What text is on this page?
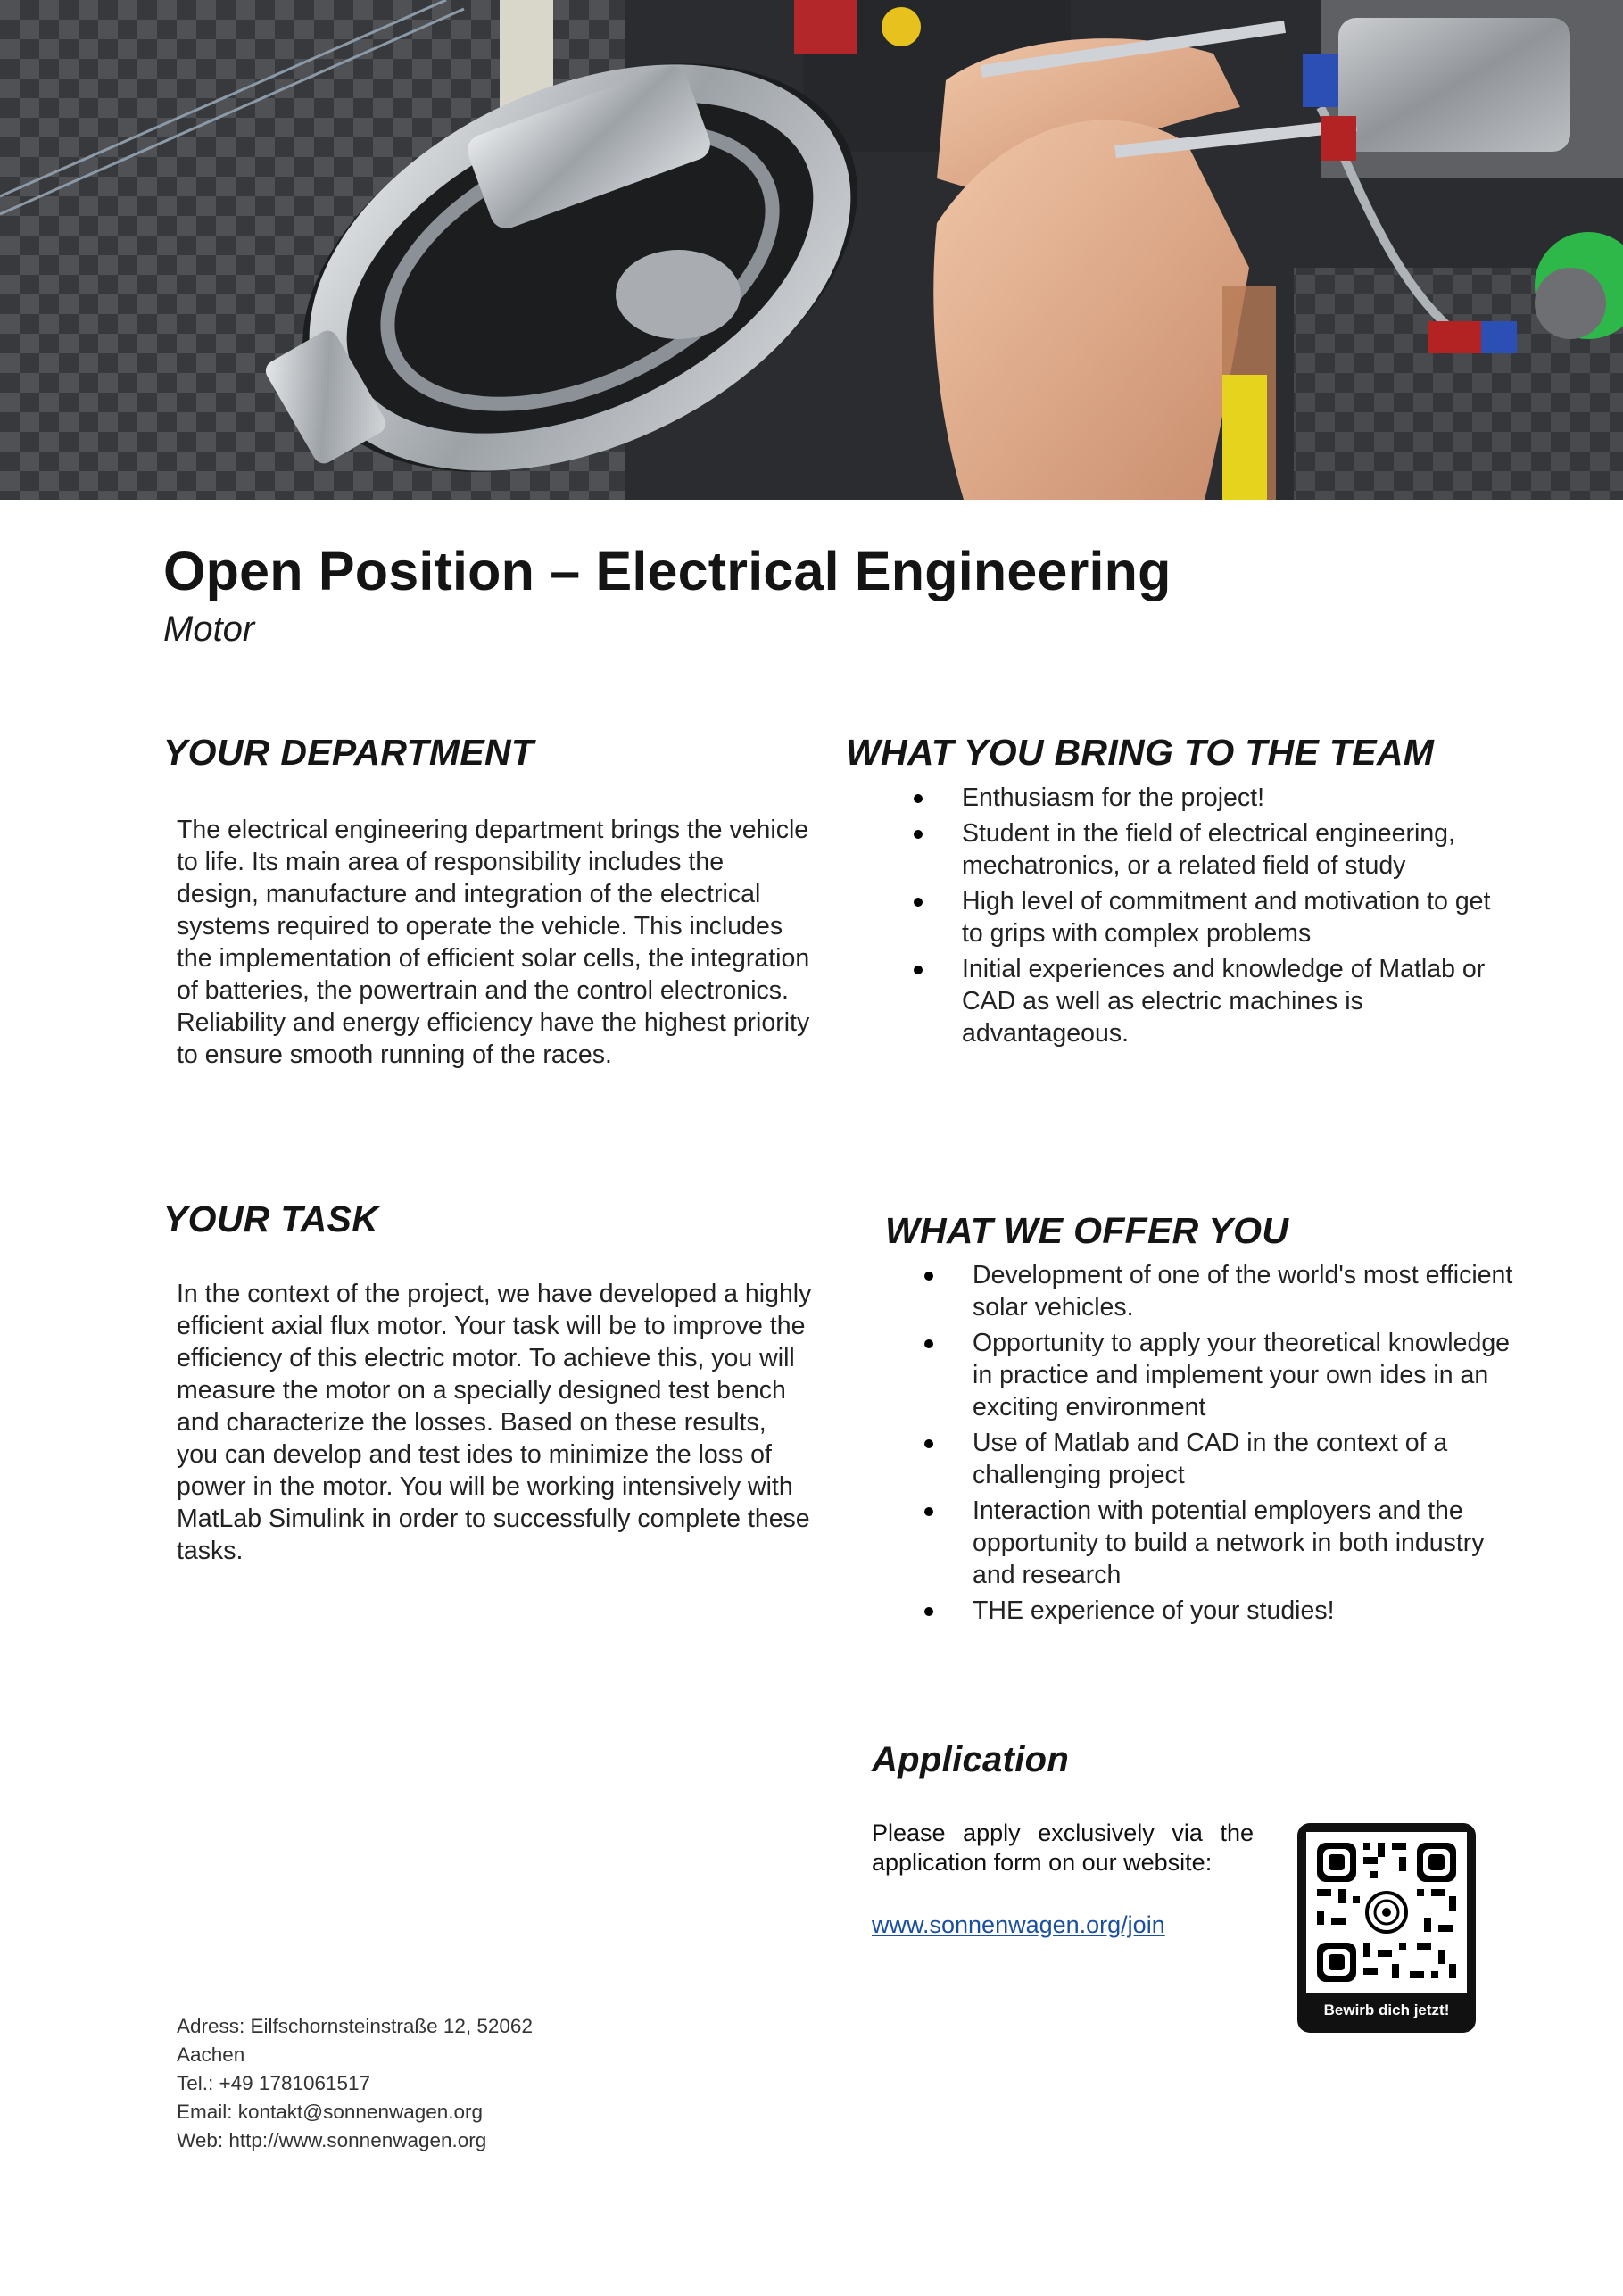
Open Position – Electrical Engineering

Motor

YOUR DEPARTMENT

The electrical engineering department brings the vehicle to life. Its main area of responsibility includes the design, manufacture and integration of the electrical systems required to operate the vehicle. This includes the implementation of efficient solar cells, the integration of batteries, the powertrain and the control electronics. Reliability and energy efficiency have the highest priority to ensure smooth running of the races.

WHAT YOU BRING TO THE TEAM
Enthusiasm for the project!
Student in the field of electrical engineering, mechatronics, or a related field of study
High level of commitment and motivation to get to grips with complex problems
Initial experiences and knowledge of Matlab or CAD as well as electric machines is advantageous.
YOUR TASK

In the context of the project, we have developed a highly efficient axial flux motor. Your task will be to improve the efficiency of this electric motor. To achieve this, you will measure the motor on a specially designed test bench and characterize the losses. Based on these results, you can develop and test ides to minimize the loss of power in the motor. You will be working intensively with MatLab Simulink in order to successfully complete these tasks.

WHAT WE OFFER YOU
Development of one of the world's most efficient solar vehicles.
Opportunity to apply your theoretical knowledge in practice and implement your own ides in an exciting environment
Use of Matlab and CAD in the context of a challenging project
Interaction with potential employers and the opportunity to build a network in both industry and research
THE experience of your studies!
Application

Please apply exclusively via the application form on our website:

www.sonnenwagen.org/join
Bewirb dich jetzt!
Adress: Eilfschornsteinstraße 12, 52062
Aachen
Tel.: +49 1781061517
Email: kontakt@sonnenwagen.org
Web: http://www.sonnenwagen.org
